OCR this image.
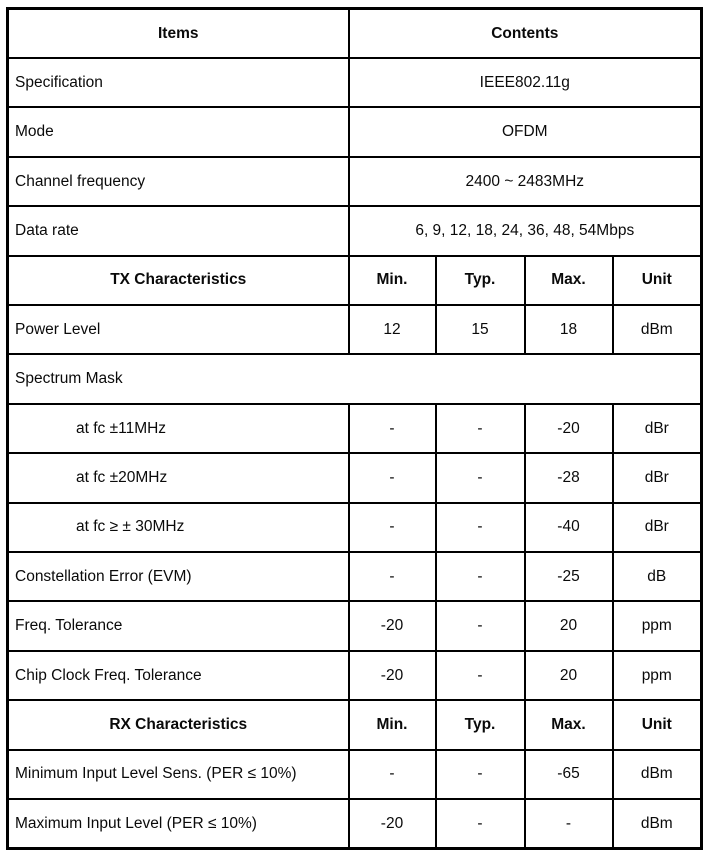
Items	Contents			
Specification	IEEE802.11g			
Mode	OFDM			
Channel frequency	2400 ~ 2483MHz			
Data rate	6, 9, 12, 18, 24, 36, 48, 54Mbps			
TX Characteristics	Min.	Typ.	Max.	Unit
Power Level	12	15	18	dBm
Spectrum Mask				
at fc ±11MHz	-	-	-20	dBr
at fc ±20MHz	-	-	-28	dBr
at fc ≥ ± 30MHz	-	-	-40	dBr
Constellation Error (EVM)	-	-	-25	dB
Freq. Tolerance	-20	-	20	ppm
Chip Clock Freq. Tolerance	-20	-	20	ppm
RX Characteristics	Min.	Typ.	Max.	Unit
Minimum Input Level Sens. (PER ≤ 10%)	-	-	-65	dBm
Maximum Input Level (PER ≤ 10%)	-20	-	-	dBm
